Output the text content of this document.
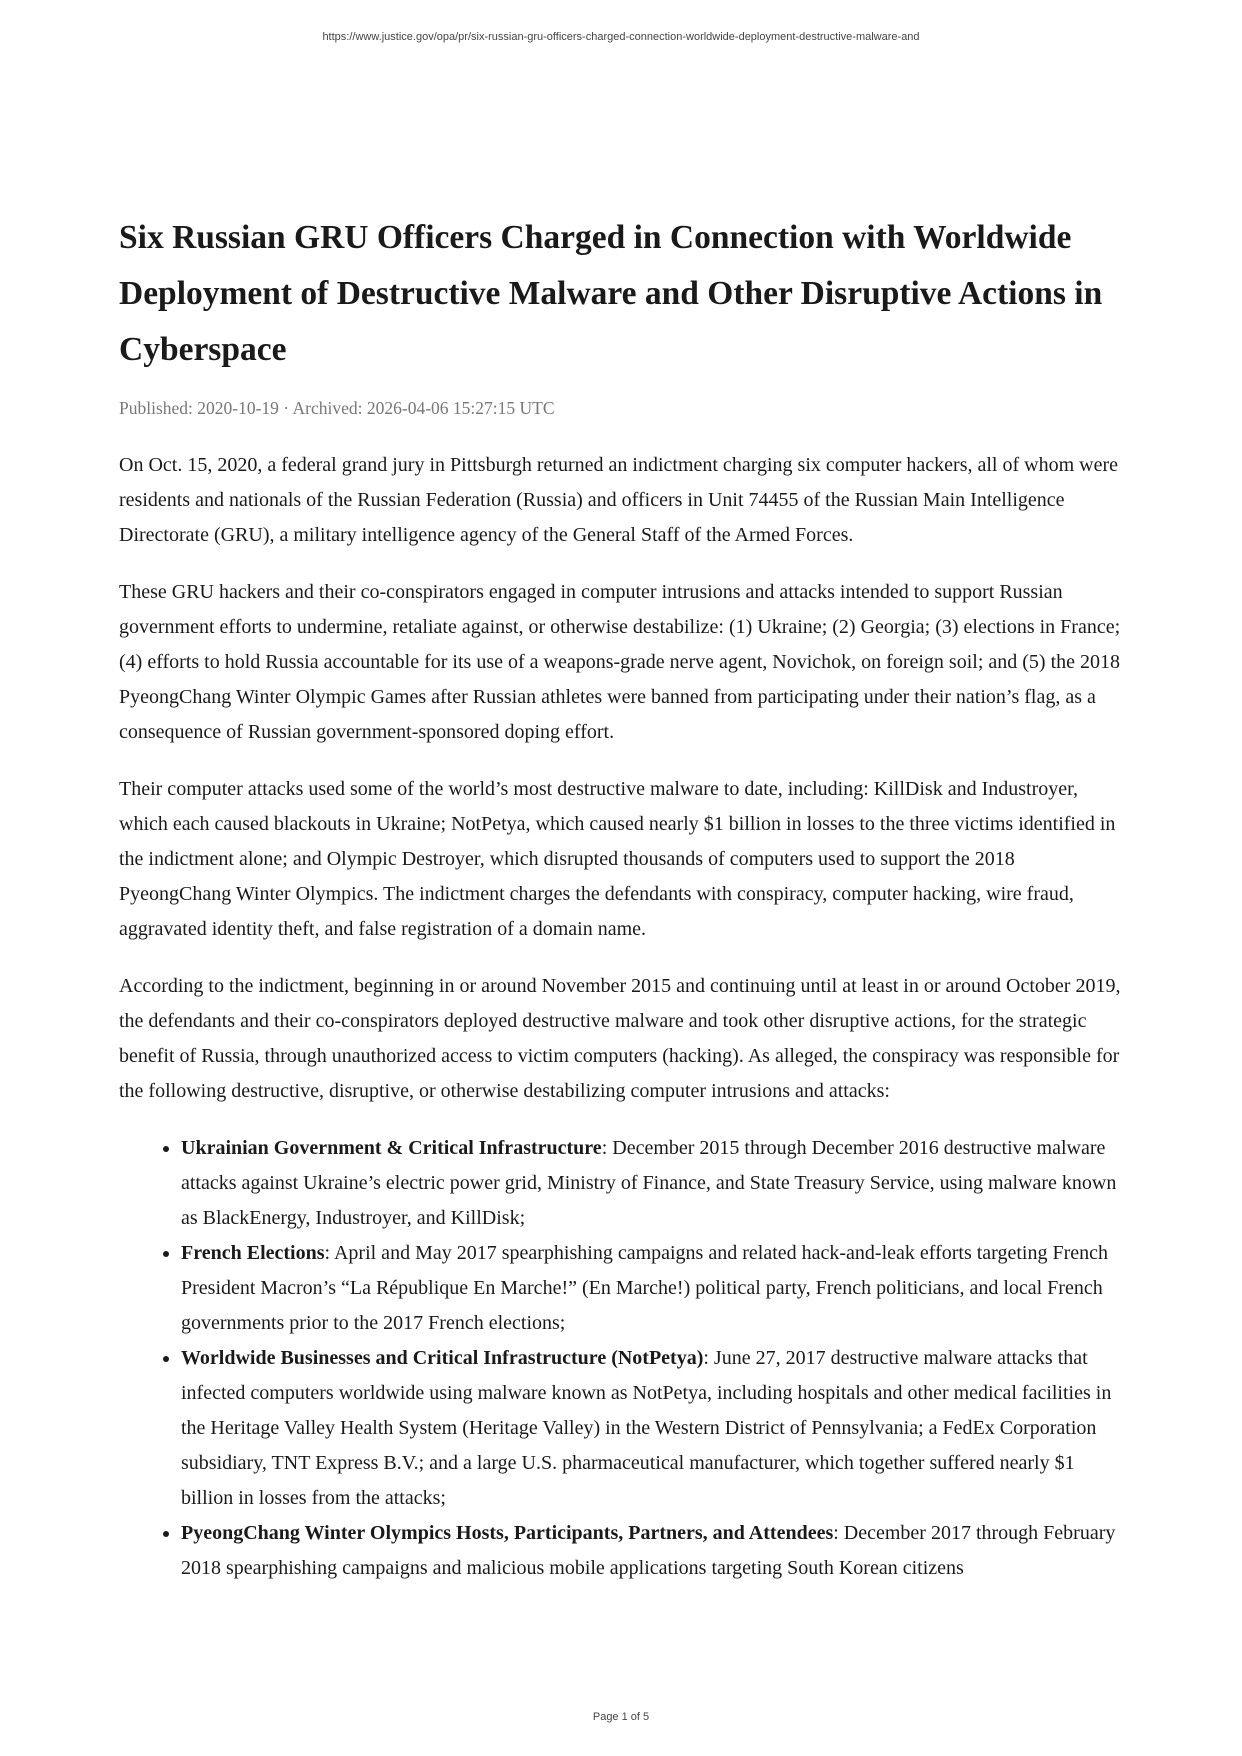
https://www.justice.gov/opa/pr/six-russian-gru-officers-charged-connection-worldwide-deployment-destructive-malware-and
Six Russian GRU Officers Charged in Connection with Worldwide Deployment of Destructive Malware and Other Disruptive Actions in Cyberspace
Published: 2020-10-19 · Archived: 2026-04-06 15:27:15 UTC

On Oct. 15, 2020, a federal grand jury in Pittsburgh returned an indictment charging six computer hackers, all of whom were residents and nationals of the Russian Federation (Russia) and officers in Unit 74455 of the Russian Main Intelligence Directorate (GRU), a military intelligence agency of the General Staff of the Armed Forces.

These GRU hackers and their co-conspirators engaged in computer intrusions and attacks intended to support Russian government efforts to undermine, retaliate against, or otherwise destabilize: (1) Ukraine; (2) Georgia; (3) elections in France; (4) efforts to hold Russia accountable for its use of a weapons-grade nerve agent, Novichok, on foreign soil; and (5) the 2018 PyeongChang Winter Olympic Games after Russian athletes were banned from participating under their nation’s flag, as a consequence of Russian government-sponsored doping effort.

Their computer attacks used some of the world’s most destructive malware to date, including: KillDisk and Industroyer, which each caused blackouts in Ukraine; NotPetya, which caused nearly $1 billion in losses to the three victims identified in the indictment alone; and Olympic Destroyer, which disrupted thousands of computers used to support the 2018 PyeongChang Winter Olympics. The indictment charges the defendants with conspiracy, computer hacking, wire fraud, aggravated identity theft, and false registration of a domain name.

According to the indictment, beginning in or around November 2015 and continuing until at least in or around October 2019, the defendants and their co-conspirators deployed destructive malware and took other disruptive actions, for the strategic benefit of Russia, through unauthorized access to victim computers (hacking). As alleged, the conspiracy was responsible for the following destructive, disruptive, or otherwise destabilizing computer intrusions and attacks:

• Ukrainian Government & Critical Infrastructure: December 2015 through December 2016 destructive malware attacks against Ukraine’s electric power grid, Ministry of Finance, and State Treasury Service, using malware known as BlackEnergy, Industroyer, and KillDisk;
• French Elections: April and May 2017 spearphishing campaigns and related hack-and-leak efforts targeting French President Macron’s “La République En Marche!” (En Marche!) political party, French politicians, and local French governments prior to the 2017 French elections;
• Worldwide Businesses and Critical Infrastructure (NotPetya): June 27, 2017 destructive malware attacks that infected computers worldwide using malware known as NotPetya, including hospitals and other medical facilities in the Heritage Valley Health System (Heritage Valley) in the Western District of Pennsylvania; a FedEx Corporation subsidiary, TNT Express B.V.; and a large U.S. pharmaceutical manufacturer, which together suffered nearly $1 billion in losses from the attacks;
• PyeongChang Winter Olympics Hosts, Participants, Partners, and Attendees: December 2017 through February 2018 spearphishing campaigns and malicious mobile applications targeting South Korean citizens
Page 1 of 5
